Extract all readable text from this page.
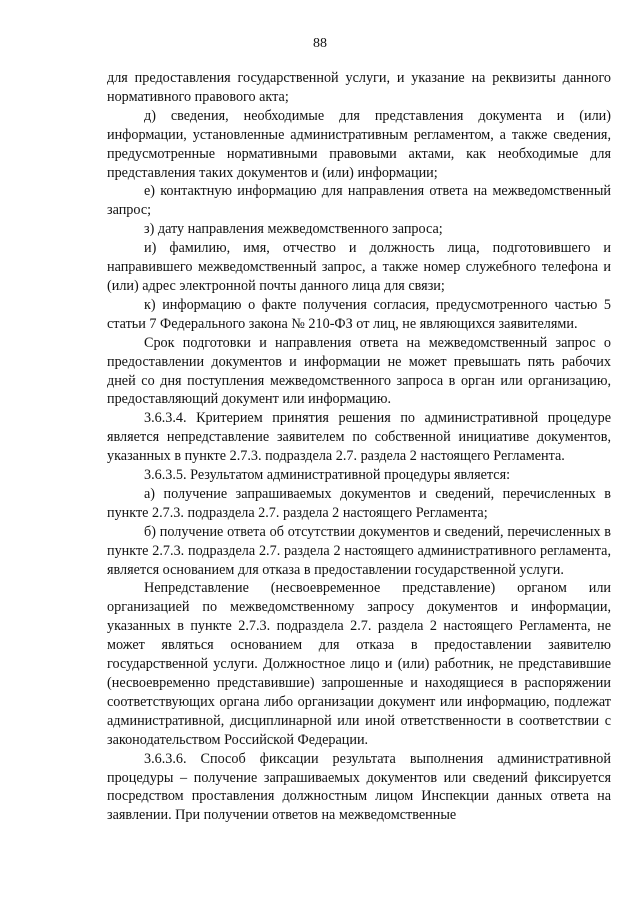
88

для предоставления государственной услуги, и указание на реквизиты данного нормативного правового акта;

д) сведения, необходимые для представления документа и (или) информации, установленные административным регламентом, а также сведения, предусмотренные нормативными правовыми актами, как необходимые для представления таких документов и (или) информации;

е) контактную информацию для направления ответа на межведомственный запрос;

з) дату направления межведомственного запроса;

и) фамилию, имя, отчество и должность лица, подготовившего и направившего межведомственный запрос, а также номер служебного телефона и (или) адрес электронной почты данного лица для связи;

к) информацию о факте получения согласия, предусмотренного частью 5 статьи 7 Федерального закона № 210-ФЗ от лиц, не являющихся заявителями.

Срок подготовки и направления ответа на межведомственный запрос о предоставлении документов и информации не может превышать пять рабочих дней со дня поступления межведомственного запроса в орган или организацию, предоставляющий документ или информацию.

3.6.3.4. Критерием принятия решения по административной процедуре является непредставление заявителем по собственной инициативе документов, указанных в пункте 2.7.3. подраздела 2.7. раздела 2 настоящего Регламента.

3.6.3.5. Результатом административной процедуры является:

а) получение запрашиваемых документов и сведений, перечисленных в пункте 2.7.3. подраздела 2.7. раздела 2 настоящего Регламента;

б) получение ответа об отсутствии документов и сведений, перечисленных в пункте 2.7.3. подраздела 2.7. раздела 2 настоящего административного регламента, является основанием для отказа в предоставлении государственной услуги.

Непредставление (несвоевременное представление) органом или организацией по межведомственному запросу документов и информации, указанных в пункте 2.7.3. подраздела 2.7. раздела 2 настоящего Регламента, не может являться основанием для отказа в предоставлении заявителю государственной услуги. Должностное лицо и (или) работник, не представившие (несвоевременно представившие) запрошенные и находящиеся в распоряжении соответствующих органа либо организации документ или информацию, подлежат административной, дисциплинарной или иной ответственности в соответствии с законодательством Российской Федерации.

3.6.3.6. Способ фиксации результата выполнения административной процедуры – получение запрашиваемых документов или сведений фиксируется посредством проставления должностным лицом Инспекции данных ответа на заявлении. При получении ответов на межведомственные
